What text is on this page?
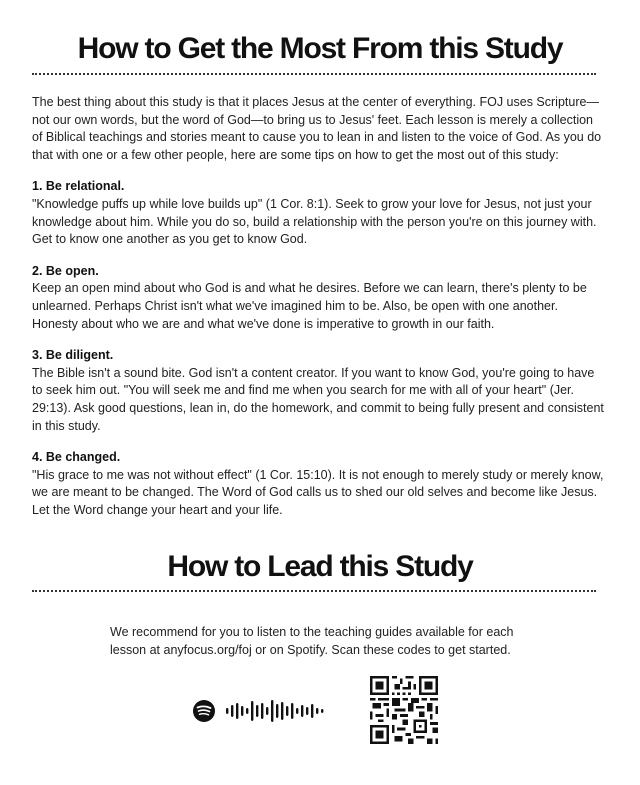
How to Get the Most From this Study

The best thing about this study is that it places Jesus at the center of everything. FOJ uses Scripture—not our own words, but the word of God—to bring us to Jesus' feet. Each lesson is merely a collection of Biblical teachings and stories meant to cause you to lean in and listen to the voice of God. As you do that with one or a few other people, here are some tips on how to get the most out of this study:

1. Be relational.

"Knowledge puffs up while love builds up" (1 Cor. 8:1). Seek to grow your love for Jesus, not just your knowledge about him. While you do so, build a relationship with the person you're on this journey with. Get to know one another as you get to know God.

2. Be open.

Keep an open mind about who God is and what he desires. Before we can learn, there's plenty to be unlearned. Perhaps Christ isn't what we've imagined him to be. Also, be open with one another. Honesty about who we are and what we've done is imperative to growth in our faith.

3. Be diligent.

The Bible isn't a sound bite. God isn't a content creator. If you want to know God, you're going to have to seek him out. "You will seek me and find me when you search for me with all of your heart" (Jer. 29:13). Ask good questions, lean in, do the homework, and commit to being fully present and consistent in this study.

4. Be changed.

"His grace to me was not without effect" (1 Cor. 15:10). It is not enough to merely study or merely know, we are meant to be changed. The Word of God calls us to shed our old selves and become like Jesus. Let the Word change your heart and your life.

How to Lead this Study

We recommend for you to listen to the teaching guides available for each lesson at anyfocus.org/foj or on Spotify. Scan these codes to get started.
